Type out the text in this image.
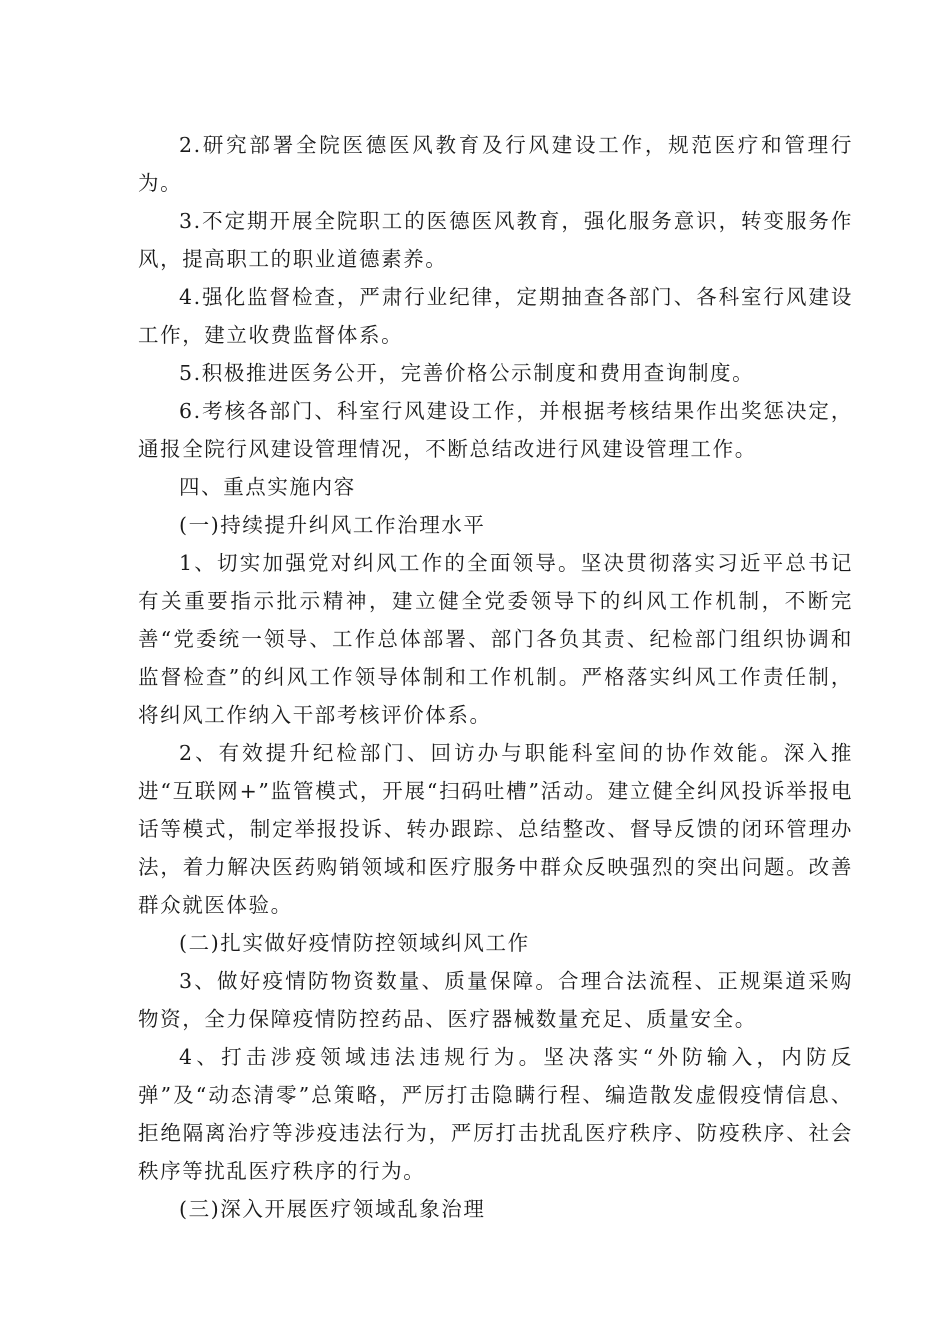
2.研究部署全院医德医风教育及行风建设工作，规范医疗和管理行为。

3.不定期开展全院职工的医德医风教育，强化服务意识，转变服务作风，提高职工的职业道德素养。

4.强化监督检查，严肃行业纪律，定期抽查各部门、各科室行风建设工作，建立收费监督体系。

5.积极推进医务公开，完善价格公示制度和费用查询制度。

6.考核各部门、科室行风建设工作，并根据考核结果作出奖惩决定，通报全院行风建设管理情况，不断总结改进行风建设管理工作。

四、重点实施内容

(一)持续提升纠风工作治理水平

1、切实加强党对纠风工作的全面领导。坚决贯彻落实习近平总书记有关重要指示批示精神，建立健全党委领导下的纠风工作机制，不断完善“党委统一领导、工作总体部署、部门各负其责、纪检部门组织协调和监督检查”的纠风工作领导体制和工作机制。严格落实纠风工作责任制，将纠风工作纳入干部考核评价体系。

2、有效提升纪检部门、回访办与职能科室间的协作效能。深入推进“互联网+”监管模式，开展“扫码吐槽”活动。建立健全纠风投诉举报电话等模式，制定举报投诉、转办跟踪、总结整改、督导反馈的闭环管理办法，着力解决医药购销领域和医疗服务中群众反映强烈的突出问题。改善群众就医体验。

(二)扎实做好疫情防控领域纠风工作

3、做好疫情防物资数量、质量保障。合理合法流程、正规渠道采购物资，全力保障疫情防控药品、医疗器械数量充足、质量安全。

4、打击涉疫领域违法违规行为。坚决落实“外防输入，内防反弹”及“动态清零”总策略，严厉打击隐瞒行程、编造散发虚假疫情信息、拒绝隔离治疗等涉疫违法行为，严厉打击扰乱医疗秩序、防疫秩序、社会秩序等扰乱医疗秩序的行为。

(三)深入开展医疗领域乱象治理
